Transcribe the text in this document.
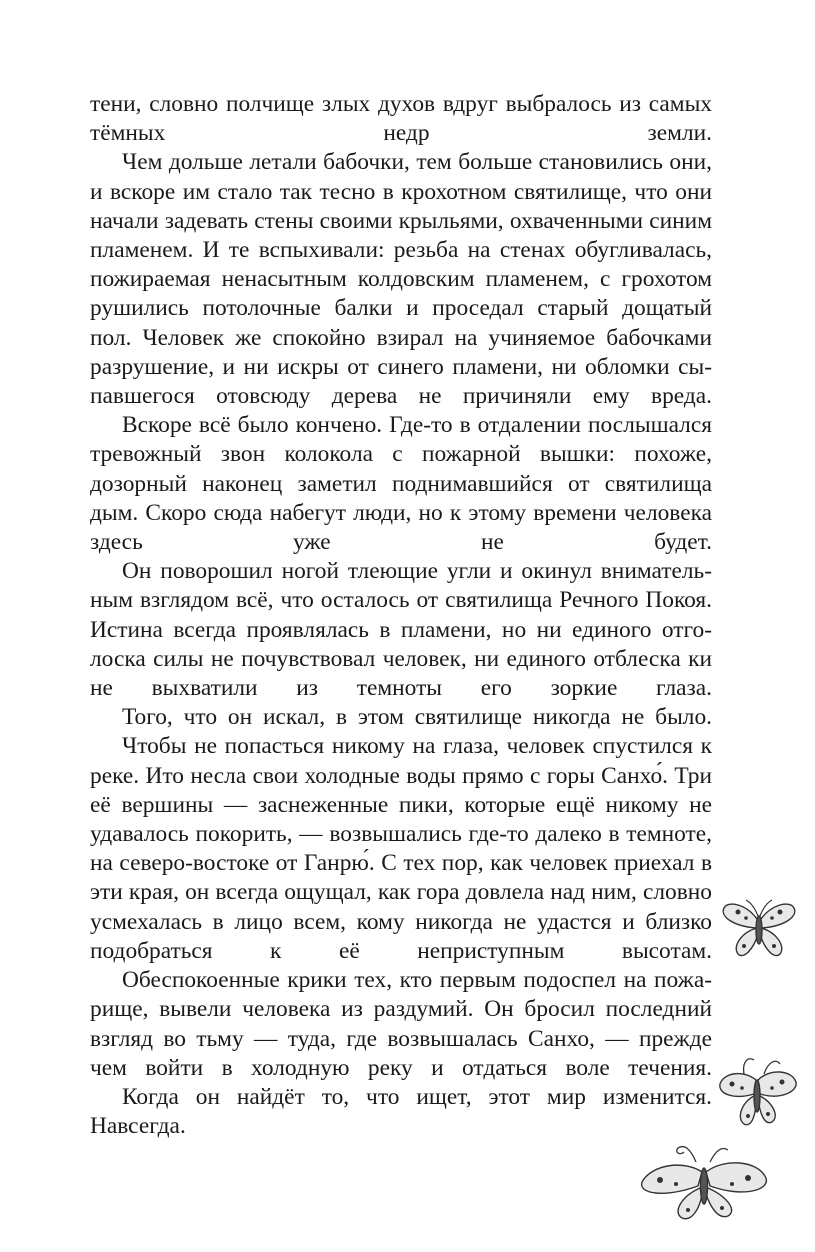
тени, словно полчище злых духов вдруг выбралось из самых тёмных недр земли.

Чем дольше летали бабочки, тем больше становились они, и вскоре им стало так тесно в крохотном святилище, что они начали задевать стены своими крыльями, охваченными синим пламенем. И те вспыхивали: резьба на стенах обугливалась, пожираемая ненасытным колдовским пламенем, с грохотом рушились потолочные балки и проседал старый дощатый пол. Человек же спокойно взирал на учиняемое бабочками разрушение, и ни искры от синего пламени, ни обломки сыпавшегося отовсюду дерева не причиняли ему вреда.

Вскоре всё было кончено. Где-то в отдалении послышался тревожный звон колокола с пожарной вышки: похоже, дозорный наконец заметил поднимавшийся от святилища дым. Скоро сюда набегут люди, но к этому времени человека здесь уже не будет.

Он поворошил ногой тлеющие угли и окинул внимательным взглядом всё, что осталось от святилища Речного Покоя. Истина всегда проявлялась в пламени, но ни единого отголоска силы не почувствовал человек, ни единого отблеска ки не выхватили из темноты его зоркие глаза.

Того, что он искал, в этом святилище никогда не было.

Чтобы не попасться никому на глаза, человек спустился к реке. Ито несла свои холодные воды прямо с горы Санхо́. Три её вершины — заснеженные пики, которые ещё никому не удавалось покорить, — возвышались где-то далеко в темноте, на северо-востоке от Ганрю́. С тех пор, как человек приехал в эти края, он всегда ощущал, как гора довлела над ним, словно усмехалась в лицо всем, кому никогда не удастся и близко подобраться к её неприступным высотам.

Обеспокоенные крики тех, кто первым подоспел на пожарище, вывели человека из раздумий. Он бросил последний взгляд во тьму — туда, где возвышалась Санхо, — прежде чем войти в холодную реку и отдаться воле течения.

Когда он найдёт то, что ищет, этот мир изменится. Навсегда.
